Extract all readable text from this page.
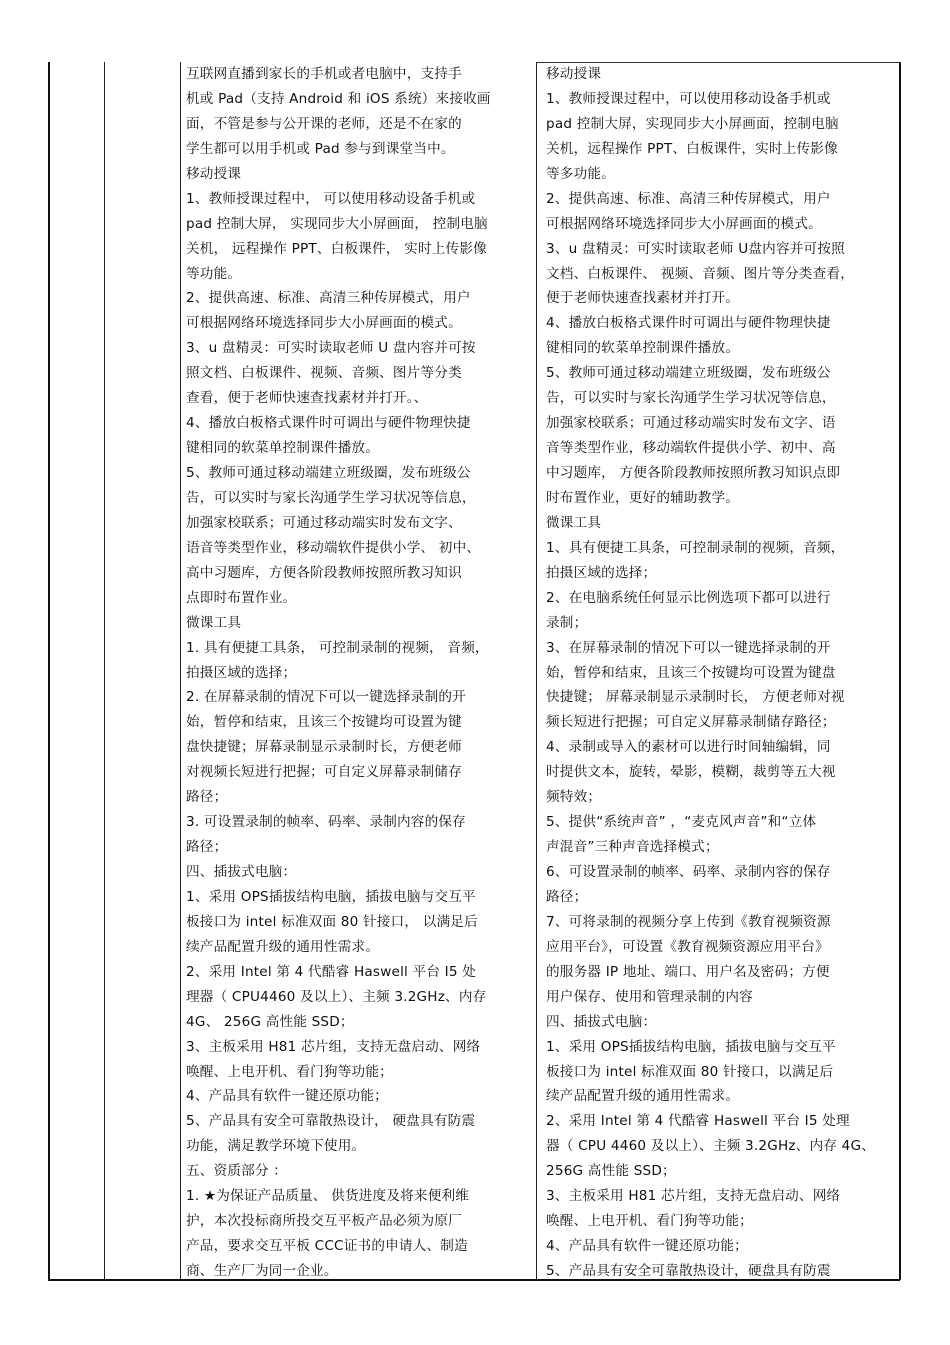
互联网直播到家长的手机或者电脑中，支持手
机或 Pad（支持 Android 和 iOS 系统）来接收画
面，不管是参与公开课的老师，还是不在家的
学生都可以用手机或 Pad 参与到课堂当中。
移动授课
1、教师授课过程中， 可以使用移动设备手机或
pad 控制大屏， 实现同步大小屏画面， 控制电脑
关机， 远程操作 PPT、白板课件， 实时上传影像
等功能。
2、提供高速、标准、高清三种传屏模式，用户
可根据网络环境选择同步大小屏画面的模式。
3、u 盘精灵：可实时读取老师 U 盘内容并可按
照文档、白板课件、视频、音频、图片等分类
查看，便于老师快速查找素材并打开。、
4、播放白板格式课件时可调出与硬件物理快捷
键相同的软菜单控制课件播放。
5、教师可通过移动端建立班级圈，发布班级公
告，可以实时与家长沟通学生学习状况等信息，
加强家校联系；可通过移动端实时发布文字、
语音等类型作业，移动端软件提供小学、 初中、
高中习题库，方便各阶段教师按照所教习知识
点即时布置作业。
微课工具
1. 具有便捷工具条， 可控制录制的视频， 音频，
拍摄区域的选择；
2. 在屏幕录制的情况下可以一键选择录制的开
始，暂停和结束，且该三个按键均可设置为键
盘快捷键；屏幕录制显示录制时长，方便老师
对视频长短进行把握；可自定义屏幕录制储存
路径；
3. 可设置录制的帧率、码率、录制内容的保存
路径；
四、插拔式电脑：
1、采用 OPS插拔结构电脑，插拔电脑与交互平
板接口为 intel 标准双面 80 针接口， 以满足后
续产品配置升级的通用性需求。
2、采用 Intel 第 4 代酷睿 Haswell 平台 I5 处
理器（ CPU4460 及以上）、主频 3.2GHz、内存
4G、 256G 高性能 SSD；
3、主板采用 H81 芯片组，支持无盘启动、网络
唤醒、上电开机、看门狗等功能；
4、产品具有软件一键还原功能；
5、产品具有安全可靠散热设计， 硬盘具有防震
功能，满足教学环境下使用。
五、资质部分 ：
1. ★为保证产品质量、 供货进度及将来便利维
护，本次投标商所投交互平板产品必须为原厂
产品，要求交互平板 CCC证书的申请人、制造
商、生产厂为同一企业。
移动授课
1、教师授课过程中，可以使用移动设备手机或
pad 控制大屏，实现同步大小屏画面，控制电脑
关机，远程操作 PPT、白板课件，实时上传影像
等多功能。
2、提供高速、标准、高清三种传屏模式，用户
可根据网络环境选择同步大小屏画面的模式。
3、u 盘精灵：可实时读取老师 U盘内容并可按照
文档、白板课件、 视频、音频、图片等分类查看，
便于老师快速查找素材并打开。
4、播放白板格式课件时可调出与硬件物理快捷
键相同的软菜单控制课件播放。
5、教师可通过移动端建立班级圈，发布班级公
告，可以实时与家长沟通学生学习状况等信息，
加强家校联系；可通过移动端实时发布文字、语
音等类型作业，移动端软件提供小学、初中、高
中习题库， 方便各阶段教师按照所教习知识点即
时布置作业，更好的辅助教学。
微课工具
1、具有便捷工具条，可控制录制的视频，音频，
拍摄区域的选择；
2、在电脑系统任何显示比例选项下都可以进行
录制；
3、在屏幕录制的情况下可以一键选择录制的开
始，暂停和结束，且该三个按键均可设置为键盘
快捷键； 屏幕录制显示录制时长， 方便老师对视
频长短进行把握；可自定义屏幕录制储存路径；
4、录制或导入的素材可以进行时间轴编辑，同
时提供文本，旋转，晕影，模糊，裁剪等五大视
频特效；
5、提供“系统声音” ，“麦克风声音”和“立体
声混音”三种声音选择模式；
6、可设置录制的帧率、码率、录制内容的保存
路径；
7、可将录制的视频分享上传到《教育视频资源
应用平台》，可设置《教育视频资源应用平台》
的服务器 IP 地址、端口、用户名及密码；方便
用户保存、使用和管理录制的内容
四、插拔式电脑：
1、采用 OPS插拔结构电脑，插拔电脑与交互平
板接口为 intel 标准双面 80 针接口，以满足后
续产品配置升级的通用性需求。
2、采用 Intel 第 4 代酷睿 Haswell 平台 I5 处理
器（ CPU 4460 及以上）、主频 3.2GHz、内存 4G、
256G 高性能 SSD；
3、主板采用 H81 芯片组，支持无盘启动、网络
唤醒、上电开机、看门狗等功能；
4、产品具有软件一键还原功能；
5、产品具有安全可靠散热设计，硬盘具有防震
